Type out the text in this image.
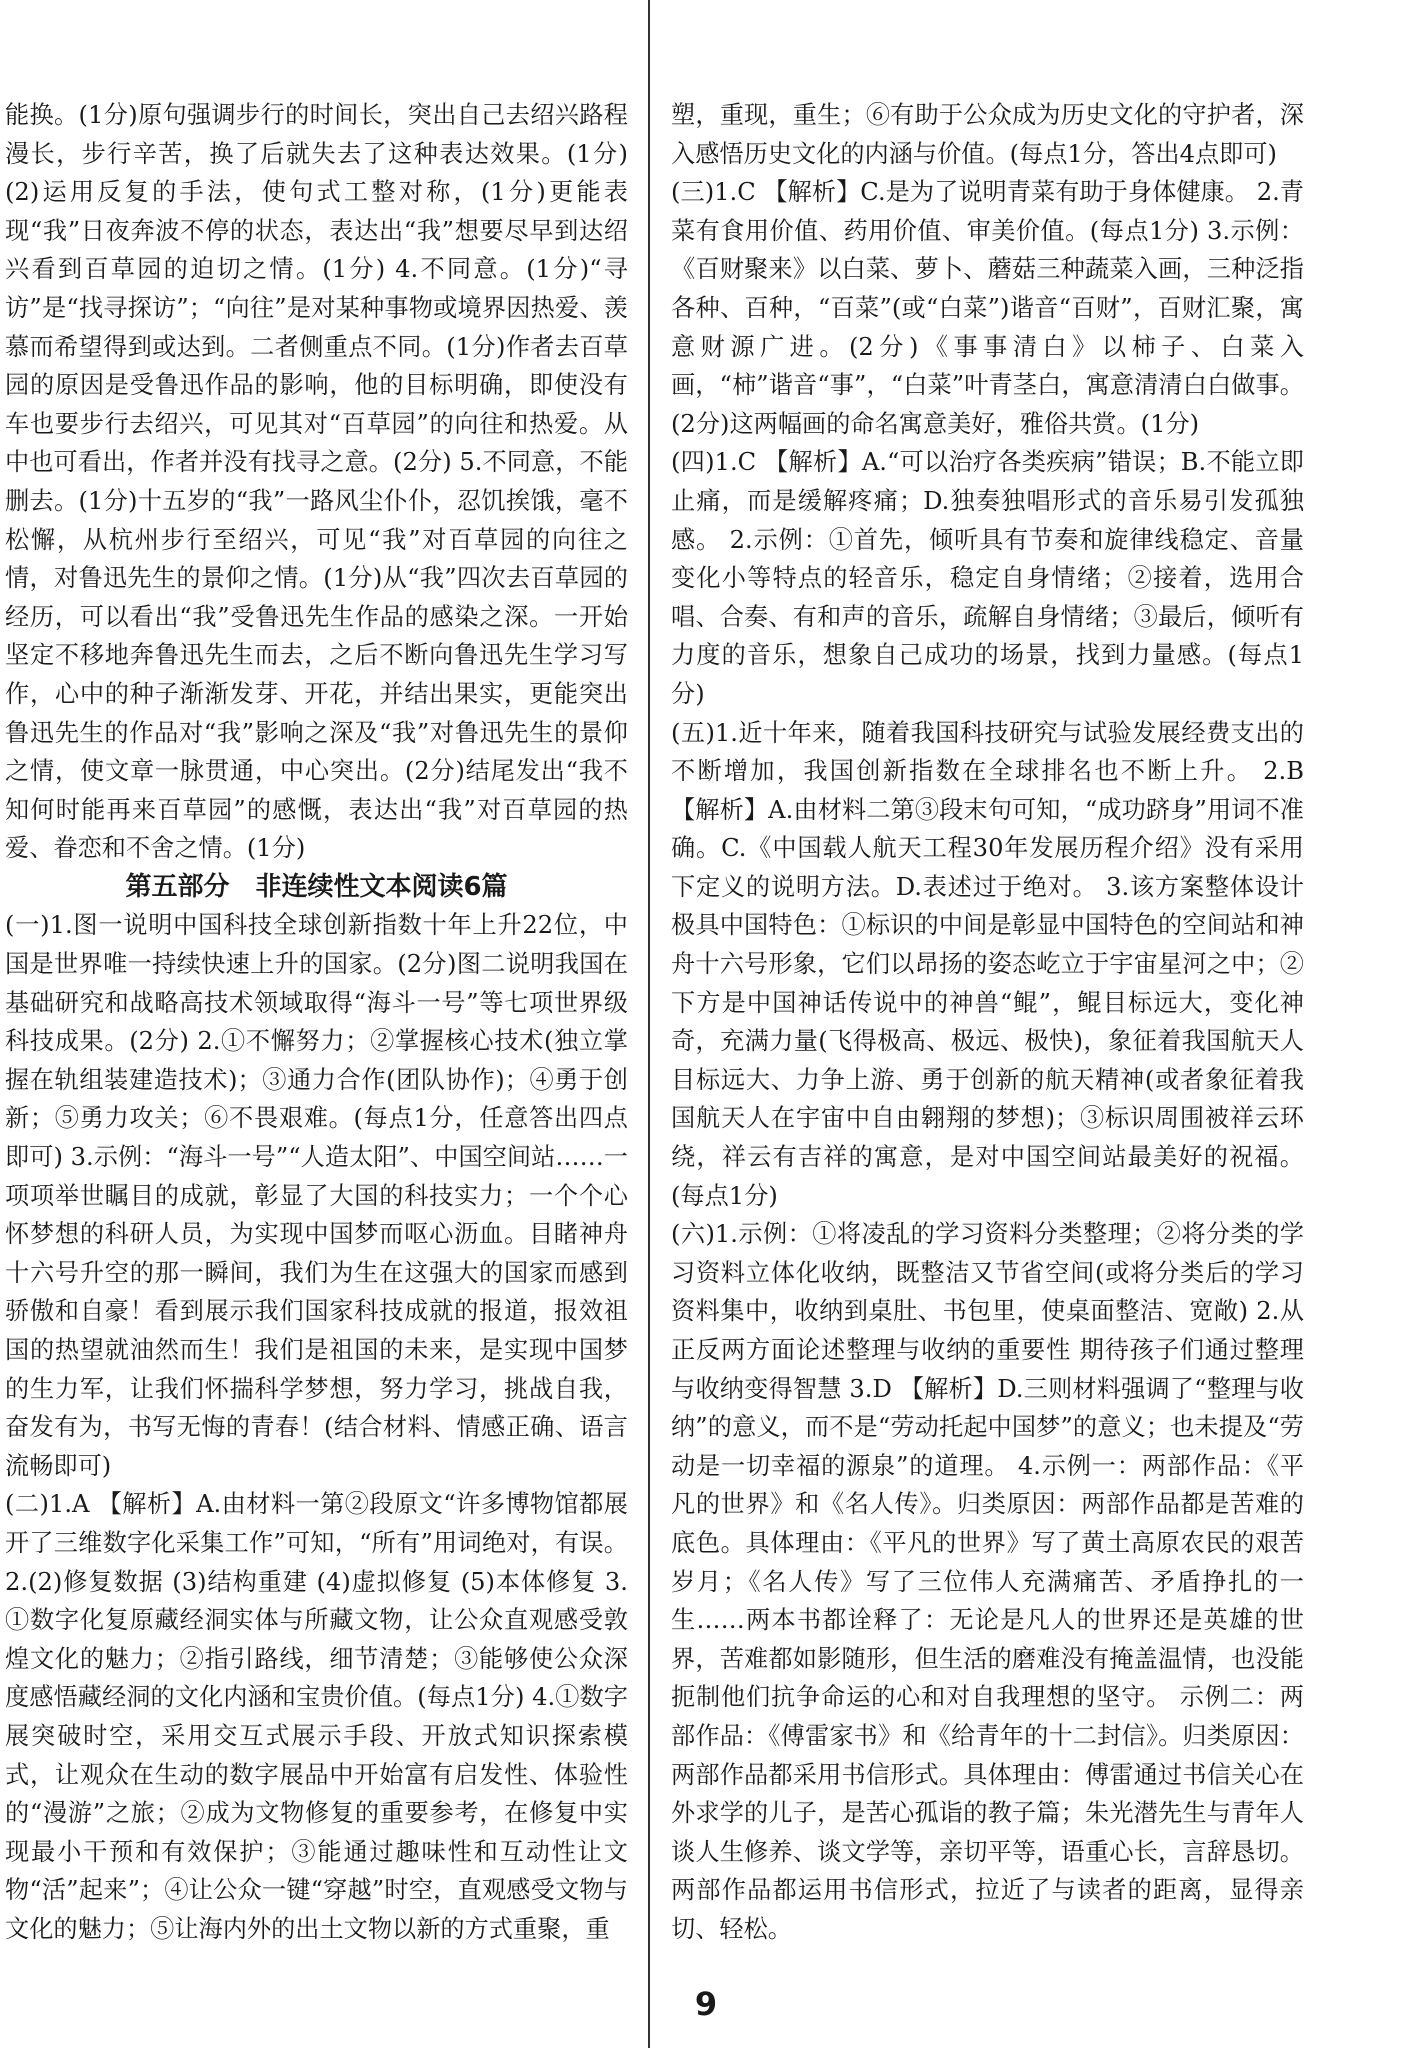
能换。(1分)原句强调步行的时间长，突出自己去绍兴路程漫长，步行辛苦，换了后就失去了这种表达效果。(1分) (2)运用反复的手法，使句式工整对称，(1分)更能表现“我”日夜奔波不停的状态，表达出“我”想要尽早到达绍兴看到百草园的迫切之情。(1分) 4.不同意。(1分)“寻访”是“找寻探访”；“向往”是对某种事物或境界因热爱、羡慕而希望得到或达到。二者侧重点不同。(1分)作者去百草园的原因是受鲁迅作品的影响，他的目标明确，即使没有车也要步行去绍兴，可见其对“百草园”的向往和热爱。从中也可看出，作者并没有找寻之意。(2分) 5.不同意，不能删去。(1分)十五岁的“我”一路风尘仆仆，忍饥挨饿，毫不松懈，从杭州步行至绍兴，可见“我”对百草园的向往之情，对鲁迅先生的景仰之情。(1分)从“我”四次去百草园的经历，可以看出“我”受鲁迅先生作品的感染之深。一开始坚定不移地奔鲁迅先生而去，之后不断向鲁迅先生学习写作，心中的种子渐渐发芽、开花，并结出果实，更能突出鲁迅先生的作品对“我”影响之深及“我”对鲁迅先生的景仰之情，使文章一脉贯通，中心突出。(2分)结尾发出“我不知何时能再来百草园”的感慨，表达出“我”对百草园的热爱、眷恋和不舍之情。(1分)

第五部分　非连续性文本阅读6篇

(一)1.图一说明中国科技全球创新指数十年上升22位，中国是世界唯一持续快速上升的国家。(2分)图二说明我国在基础研究和战略高技术领域取得“海斗一号”等七项世界级科技成果。(2分) 2.①不懈努力；②掌握核心技术(独立掌握在轨组装建造技术)；③通力合作(团队协作)；④勇于创新；⑤勇力攻关；⑥不畏艰难。(每点1分，任意答出四点即可) 3.示例：“海斗一号”“人造太阳”、中国空间站……一项项举世瞩目的成就，彰显了大国的科技实力；一个个心怀梦想的科研人员，为实现中国梦而呕心沥血。目睹神舟十六号升空的那一瞬间，我们为生在这强大的国家而感到骄傲和自豪！看到展示我们国家科技成就的报道，报效祖国的热望就油然而生！我们是祖国的未来，是实现中国梦的生力军，让我们怀揣科学梦想，努力学习，挑战自我，奋发有为，书写无悔的青春！(结合材料、情感正确、语言流畅即可)

(二)1.A 【解析】A.由材料一第②段原文“许多博物馆都展开了三维数字化采集工作”可知，“所有”用词绝对，有误。 2.(2)修复数据 (3)结构重建 (4)虚拟修复 (5)本体修复 3.①数字化复原藏经洞实体与所藏文物，让公众直观感受敦煌文化的魅力；②指引路线，细节清楚；③能够使公众深度感悟藏经洞的文化内涵和宝贵价值。(每点1分) 4.①数字展突破时空，采用交互式展示手段、开放式知识探索模式，让观众在生动的数字展品中开始富有启发性、体验性的“漫游”之旅；②成为文物修复的重要参考，在修复中实现最小干预和有效保护；③能通过趣味性和互动性让文物“活”起来”；④让公众一键“穿越”时空，直观感受文物与文化的魅力；⑤让海内外的出土文物以新的方式重聚，重

塑，重现，重生；⑥有助于公众成为历史文化的守护者，深入感悟历史文化的内涵与价值。(每点1分，答出4点即可)

(三)1.C 【解析】C.是为了说明青菜有助于身体健康。 2.青菜有食用价值、药用价值、审美价值。(每点1分) 3.示例：《百财聚来》以白菜、萝卜、蘑菇三种蔬菜入画，三种泛指各种、百种，“百菜”(或“白菜”)谐音“百财”，百财汇聚，寓意财源广进。(2分)《事事清白》以柿子、白菜入画，“柿”谐音“事”，“白菜”叶青茎白，寓意清清白白做事。(2分)这两幅画的命名寓意美好，雅俗共赏。(1分)

(四)1.C 【解析】A.“可以治疗各类疾病”错误；B.不能立即止痛，而是缓解疼痛；D.独奏独唱形式的音乐易引发孤独感。 2.示例：①首先，倾听具有节奏和旋律线稳定、音量变化小等特点的轻音乐，稳定自身情绪；②接着，选用合唱、合奏、有和声的音乐，疏解自身情绪；③最后，倾听有力度的音乐，想象自己成功的场景，找到力量感。(每点1分)

(五)1.近十年来，随着我国科技研究与试验发展经费支出的不断增加，我国创新指数在全球排名也不断上升。 2.B 【解析】A.由材料二第③段末句可知，“成功跻身”用词不准确。C.《中国载人航天工程30年发展历程介绍》没有采用下定义的说明方法。D.表述过于绝对。 3.该方案整体设计极具中国特色：①标识的中间是彰显中国特色的空间站和神舟十六号形象，它们以昂扬的姿态屹立于宇宙星河之中；②下方是中国神话传说中的神兽“鲲”，鲲目标远大，变化神奇，充满力量(飞得极高、极远、极快)，象征着我国航天人目标远大、力争上游、勇于创新的航天精神(或者象征着我国航天人在宇宙中自由翱翔的梦想)；③标识周围被祥云环绕，祥云有吉祥的寓意，是对中国空间站最美好的祝福。(每点1分)

(六)1.示例：①将凌乱的学习资料分类整理；②将分类的学习资料立体化收纳，既整洁又节省空间(或将分类后的学习资料集中，收纳到桌肚、书包里，使桌面整洁、宽敞) 2.从正反两方面论述整理与收纳的重要性 期待孩子们通过整理与收纳变得智慧 3.D 【解析】D.三则材料强调了“整理与收纳”的意义，而不是“劳动托起中国梦”的意义；也未提及“劳动是一切幸福的源泉”的道理。 4.示例一：两部作品：《平凡的世界》和《名人传》。归类原因：两部作品都是苦难的底色。具体理由：《平凡的世界》写了黄土高原农民的艰苦岁月；《名人传》写了三位伟人充满痛苦、矛盾挣扎的一生……两本书都诠释了：无论是凡人的世界还是英雄的世界，苦难都如影随形，但生活的磨难没有掩盖温情，也没能扼制他们抗争命运的心和对自我理想的坚守。 示例二：两部作品：《傅雷家书》和《给青年的十二封信》。归类原因：两部作品都采用书信形式。具体理由：傅雷通过书信关心在外求学的儿子，是苦心孤诣的教子篇；朱光潜先生与青年人谈人生修养、谈文学等，亲切平等，语重心长，言辞恳切。两部作品都运用书信形式，拉近了与读者的距离，显得亲切、轻松。

9
